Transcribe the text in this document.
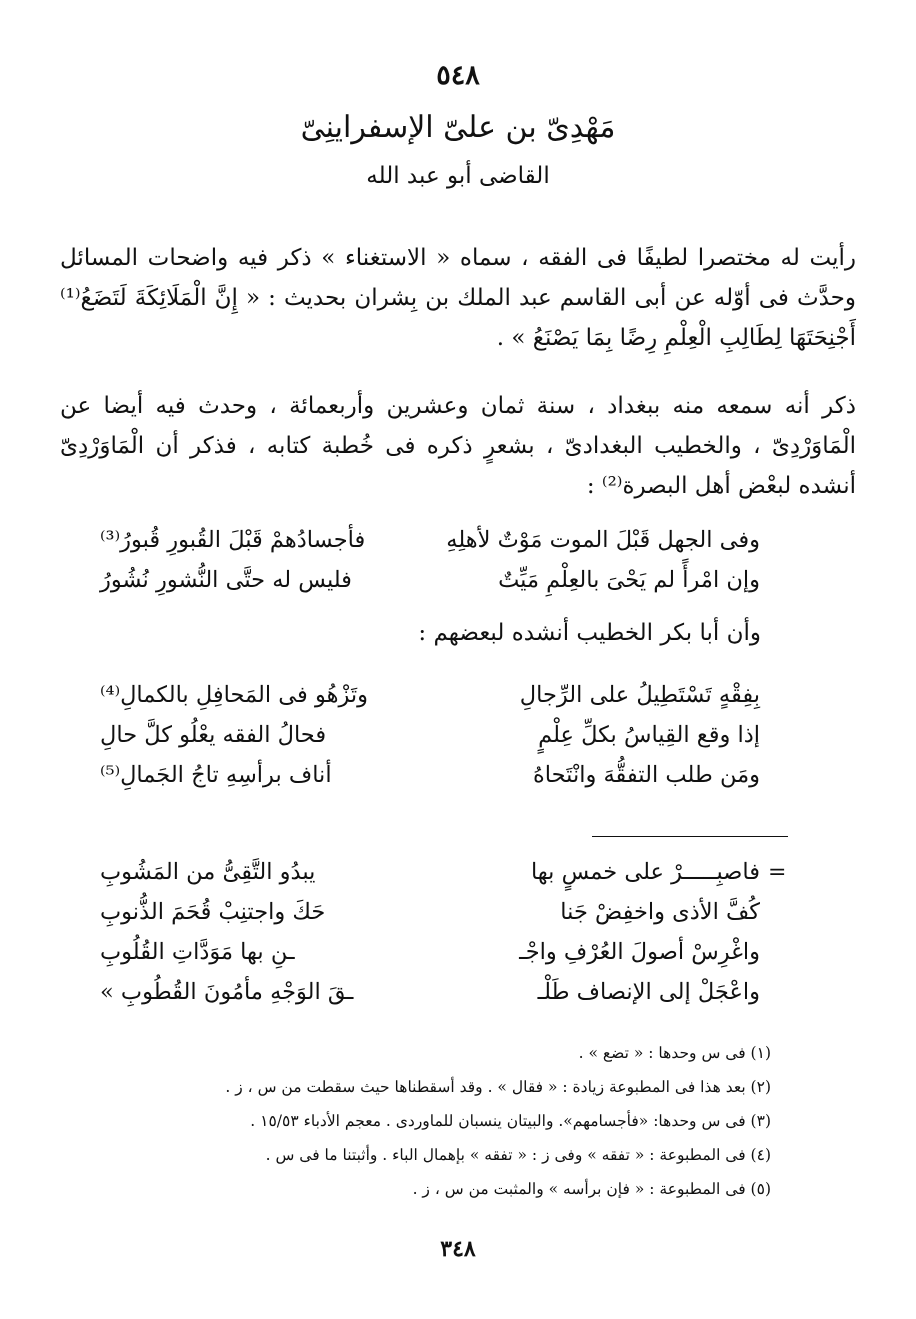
٥٤٨
مَهْدِىّ بن علىّ الإسفراينِىّ
القاضى أبو عبد الله
رأيت له مختصرا لطيفًا فى الفقه ، سماه « الاستغناء » ذكر فيه واضحات المسائل وحدَّث فى أوّله عن أبى القاسم عبد الملك بن بِشران بحديث : « إِنَّ الْمَلَائِكَةَ لَتَضَعُ⁽¹⁾ أَجْنِحَتَهَا لِطَالِبِ الْعِلْمِ رِضًا بِمَا يَصْنَعُ » .
ذكر أنه سمعه منه ببغداد ، سنة ثمان وعشرين وأربعمائة ، وحدث فيه أيضا عن الْمَاوَرْدِىّ ، والخطيب البغدادىّ ، بشعرٍ ذكره فى خُطبة كتابه ، فذكر أن الْمَاوَرْدِىّ أنشده لبعْض أهل البصرة⁽²⁾ :
وفى الجهل قَبْلَ الموت مَوْتٌ لأهلِهِ
فأجسادُهمْ قَبْلَ القُبورِ قُبورُ⁽³⁾
وإن امْرأً لم يَحْىَ بالعِلْمِ مَيِّتٌ
فليس له حتَّى النُّشورِ نُشُورُ
وأن أبا بكر الخطيب أنشده لبعضهم :
بِفِقْهٍ تَسْتَطِيلُ على الرِّجالِ
وتَزْهُو فى المَحافِلِ بالكمالِ⁽⁴⁾
إذا وقع القِياسُ بكلِّ عِلْمٍ
فحالُ الفقه يعْلُو كلَّ حالِ
ومَن طلب التفقُّهَ وانْتَحاهُ
أناف برأسِهِ تاجُ الجَمالِ⁽⁵⁾
=
فاصبِـــــرْ على خمسٍ بها
يبدُو التَّقِىُّ من المَشُوبِ
كُفَّ الأذى واخفِضْ جَنا
حَكَ واجتنِبْ قُحَمَ الذُّنوبِ
واغْرِسْ أصولَ العُرْفِ واجْـ
ـنِ بها مَوَدَّاتِ القُلُوبِ
واعْجَلْ إلى الإنصاف طَلْـ
ـقَ الوَجْهِ مأمُونَ القُطُوبِ »
(١) فى س وحدها : « تضع » .
(٢) بعد هذا فى المطبوعة زيادة : « فقال » . وقد أسقطناها حيث سقطت من س ، ز .
(٣) فى س وحدها: «فأجسامهم». والبيتان ينسبان للماوردى . معجم الأدباء ١٥/٥٣ .
(٤) فى المطبوعة : « تفقه » وفى ز : « تفقه » بإهمال الباء . وأثبتنا ما فى س .
(٥) فى المطبوعة : « فإن برأسه » والمثبت من س ، ز .
٣٤٨
